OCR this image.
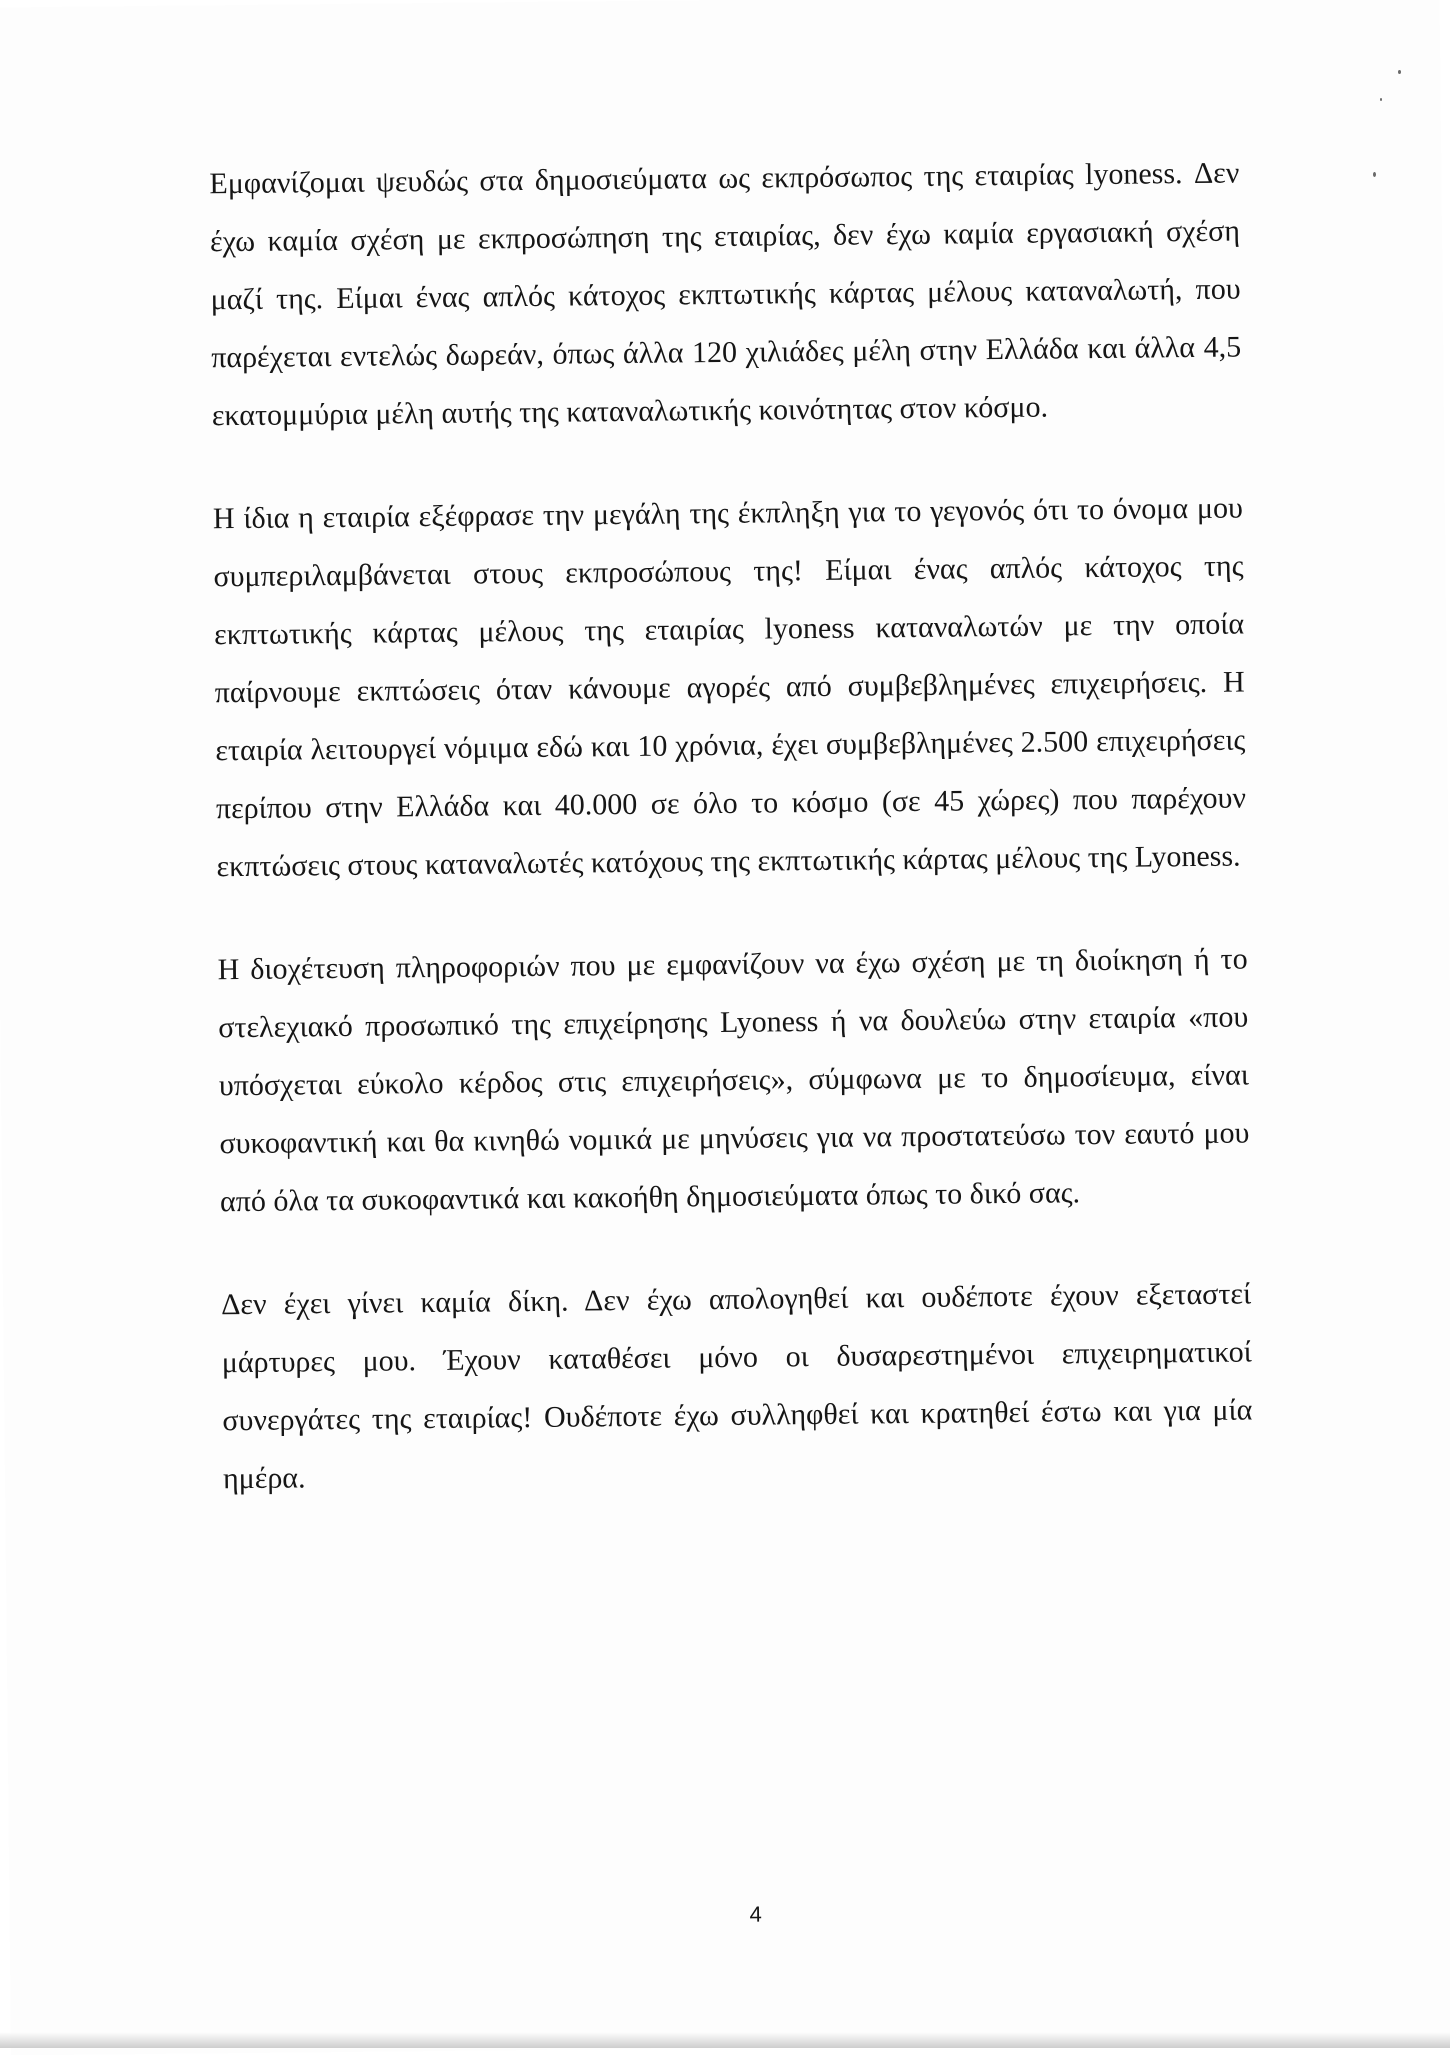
Εμφανίζομαι ψευδώς στα δημοσιεύματα ως εκπρόσωπος της εταιρίας lyoness. Δεν έχω καμία σχέση με εκπροσώπηση της εταιρίας, δεν έχω καμία εργασιακή σχέση μαζί της. Είμαι ένας απλός κάτοχος εκπτωτικής κάρτας μέλους καταναλωτή, που παρέχεται εντελώς δωρεάν, όπως άλλα 120 χιλιάδες μέλη στην Ελλάδα και άλλα 4,5 εκατομμύρια μέλη αυτής της καταναλωτικής κοινότητας στον κόσμο.

Η ίδια η εταιρία εξέφρασε την μεγάλη της έκπληξη για το γεγονός ότι το όνομα μου συμπεριλαμβάνεται στους εκπροσώπους της! Είμαι ένας απλός κάτοχος της εκπτωτικής κάρτας μέλους της εταιρίας lyoness καταναλωτών με την οποία παίρνουμε εκπτώσεις όταν κάνουμε αγορές από συμβεβλημένες επιχειρήσεις. Η εταιρία λειτουργεί νόμιμα εδώ και 10 χρόνια, έχει συμβεβλημένες 2.500 επιχειρήσεις περίπου στην Ελλάδα και 40.000 σε όλο το κόσμο (σε 45 χώρες) που παρέχουν εκπτώσεις στους καταναλωτές κατόχους της εκπτωτικής κάρτας μέλους της Lyoness.

Η διοχέτευση πληροφοριών που με εμφανίζουν να έχω σχέση με τη διοίκηση ή το στελεχιακό προσωπικό της επιχείρησης Lyoness ή να δουλεύω στην εταιρία «που υπόσχεται εύκολο κέρδος στις επιχειρήσεις», σύμφωνα με το δημοσίευμα, είναι συκοφαντική και θα κινηθώ νομικά με μηνύσεις για να προστατεύσω τον εαυτό μου από όλα τα συκοφαντικά και κακοήθη δημοσιεύματα όπως το δικό σας.

Δεν έχει γίνει καμία δίκη. Δεν έχω απολογηθεί και ουδέποτε έχουν εξεταστεί μάρτυρες μου. Έχουν καταθέσει μόνο οι δυσαρεστημένοι επιχειρηματικοί συνεργάτες της εταιρίας! Ουδέποτε έχω συλληφθεί και κρατηθεί έστω και για μία ημέρα.

4
